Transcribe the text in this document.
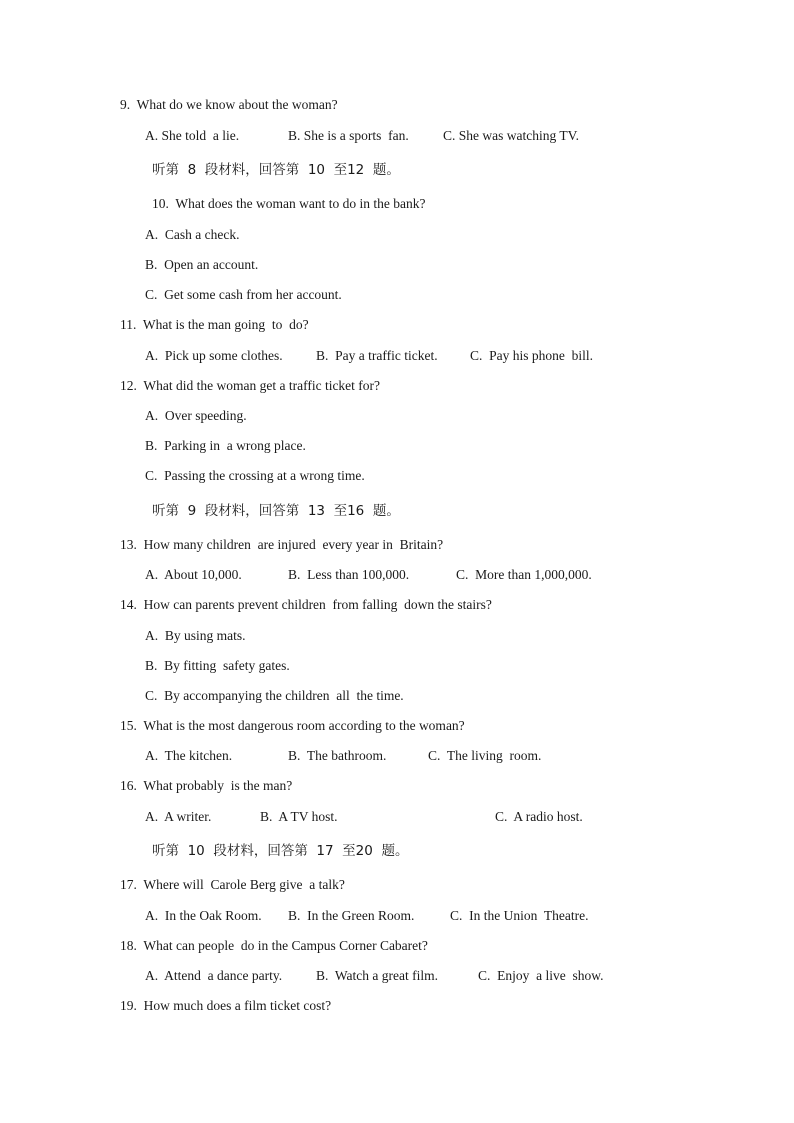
9.  What do we know about the woman?
A. She told  a lie.	B. She is a sports  fan.	C. She was watching TV.
听第  8  段材料，回答第  10  至12  题。
10.  What does the woman want to do in the bank?
A.  Cash a check.
B.  Open an account.
C.  Get some cash from her account.
11.  What is the man going  to  do?
A.  Pick up some clothes. B.  Pay a traffic ticket. C.  Pay his phone  bill.
12.  What did the woman get a traffic ticket for?
A.  Over speeding.
B.  Parking in  a wrong place.
C.  Passing the crossing at a wrong time.
听第  9  段材料，回答第  13  至16  题。
13.  How many children  are injured  every year in  Britain?
A.  About 10,000.	B.  Less than 100,000.	C.  More than 1,000,000.
14.  How can parents prevent children  from falling  down the stairs?
A.  By using mats.
B.  By fitting  safety gates.
C.  By accompanying the children  all  the time.
15.  What is the most dangerous room according to the woman?
A.  The kitchen.	B.  The bathroom.	C.  The living  room.
16.  What probably  is the man?
A.  A writer.	B.  A TV host.	C.  A radio host.
听第  10  段材料，回答第  17  至20  题。
17.  Where will  Carole Berg give  a talk?
A.  In the Oak Room. B.  In the Green Room.	C.  In the Union  Theatre.
18.  What can people  do in the Campus Corner Cabaret?
A.  Attend  a dance party.	B.  Watch a great film.	C.  Enjoy  a live  show.
19.  How much does a film ticket cost?
